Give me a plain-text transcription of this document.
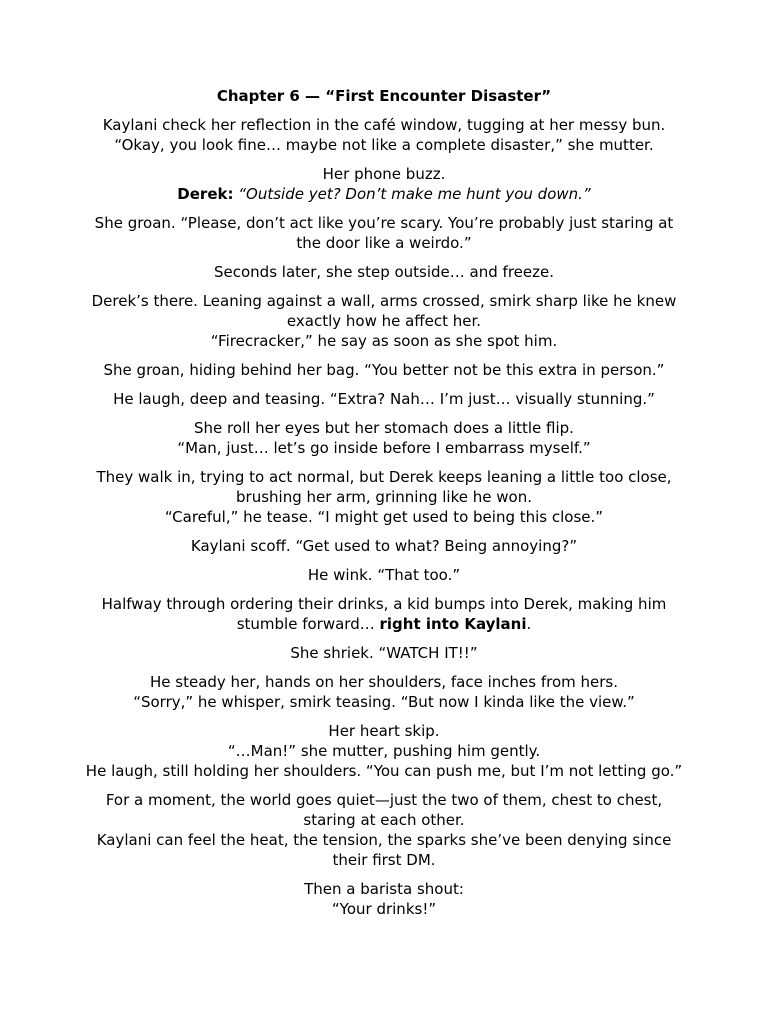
Chapter 6 — “First Encounter Disaster”

Kaylani check her reflection in the café window, tugging at her messy bun.
“Okay, you look fine… maybe not like a complete disaster,” she mutter.

Her phone buzz.
Derek: “Outside yet? Don’t make me hunt you down.”

She groan. “Please, don’t act like you’re scary. You’re probably just staring at the door like a weirdo.”

Seconds later, she step outside… and freeze.

Derek’s there. Leaning against a wall, arms crossed, smirk sharp like he knew exactly how he affect her.
“Firecracker,” he say as soon as she spot him.

She groan, hiding behind her bag. “You better not be this extra in person.”

He laugh, deep and teasing. “Extra? Nah… I’m just… visually stunning.”

She roll her eyes but her stomach does a little flip.
“Man, just… let’s go inside before I embarrass myself.”

They walk in, trying to act normal, but Derek keeps leaning a little too close, brushing her arm, grinning like he won.
“Careful,” he tease. “I might get used to being this close.”

Kaylani scoff. “Get used to what? Being annoying?”

He wink. “That too.”

Halfway through ordering their drinks, a kid bumps into Derek, making him stumble forward… right into Kaylani.

She shriek. “WATCH IT!!”

He steady her, hands on her shoulders, face inches from hers.
“Sorry,” he whisper, smirk teasing. “But now I kinda like the view.”

Her heart skip.
“…Man!” she mutter, pushing him gently.
He laugh, still holding her shoulders. “You can push me, but I’m not letting go.”

For a moment, the world goes quiet—just the two of them, chest to chest, staring at each other.
Kaylani can feel the heat, the tension, the sparks she’ve been denying since their first DM.

Then a barista shout:
“Your drinks!”
